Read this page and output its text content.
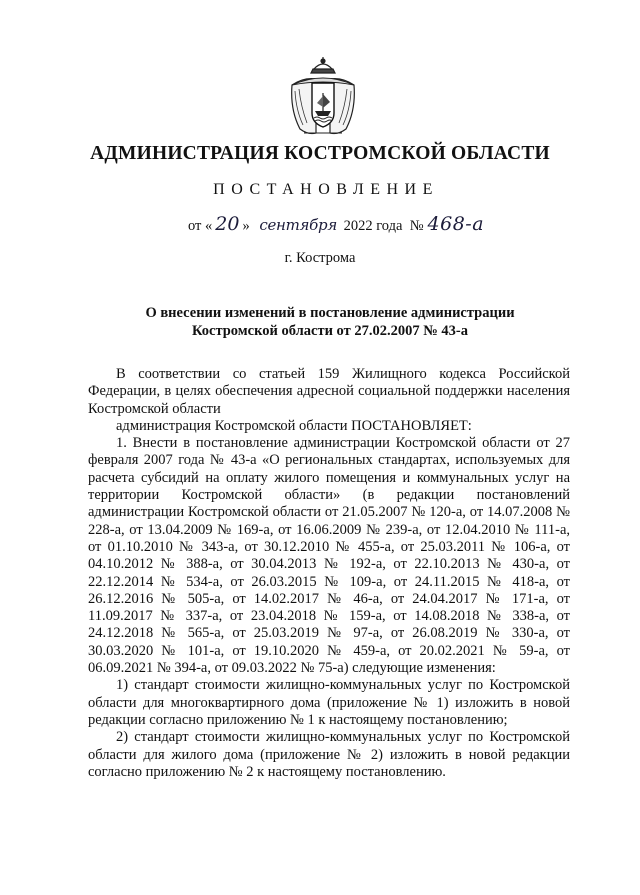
АДМИНИСТРАЦИЯ КОСТРОМСКОЙ ОБЛАСТИ
ПОСТАНОВЛЕНИЕ
от « 20 » сентября 2022 года № 468-а
г. Кострома
О внесении изменений в постановление администрации
Костромской области от 27.02.2007 № 43-а

В соответствии со статьей 159 Жилищного кодекса Российской Федерации, в целях обеспечения адресной социальной поддержки населения Костромской области

администрация Костромской области ПОСТАНОВЛЯЕТ:

1. Внести в постановление администрации Костромской области от 27 февраля 2007 года № 43-а «О региональных стандартах, используемых для расчета субсидий на оплату жилого помещения и коммунальных услуг на территории Костромской области» (в редакции постановлений администрации Костромской области от 21.05.2007 № 120-а, от 14.07.2008 № 228-а, от 13.04.2009 № 169-а, от 16.06.2009 № 239-а, от 12.04.2010 № 111-а, от 01.10.2010 № 343-а, от 30.12.2010 № 455-а, от 25.03.2011 № 106-а, от 04.10.2012 № 388-а, от 30.04.2013 № 192-а, от 22.10.2013 № 430-а, от 22.12.2014 № 534-а, от 26.03.2015 № 109-а, от 24.11.2015 № 418-а, от 26.12.2016 № 505-а, от 14.02.2017 № 46-а, от 24.04.2017 № 171-а, от 11.09.2017 № 337-а, от 23.04.2018 № 159-а, от 14.08.2018 № 338-а, от 24.12.2018 № 565-а, от 25.03.2019 № 97-а, от 26.08.2019 № 330-а, от 30.03.2020 № 101-а, от 19.10.2020 № 459-а, от 20.02.2021 № 59-а, от 06.09.2021 № 394-а, от 09.03.2022 № 75-а) следующие изменения:

1) стандарт стоимости жилищно-коммунальных услуг по Костромской области для многоквартирного дома (приложение № 1) изложить в новой редакции согласно приложению № 1 к настоящему постановлению;

2) стандарт стоимости жилищно-коммунальных услуг по Костромской области для жилого дома (приложение № 2) изложить в новой редакции согласно приложению № 2 к настоящему постановлению.
